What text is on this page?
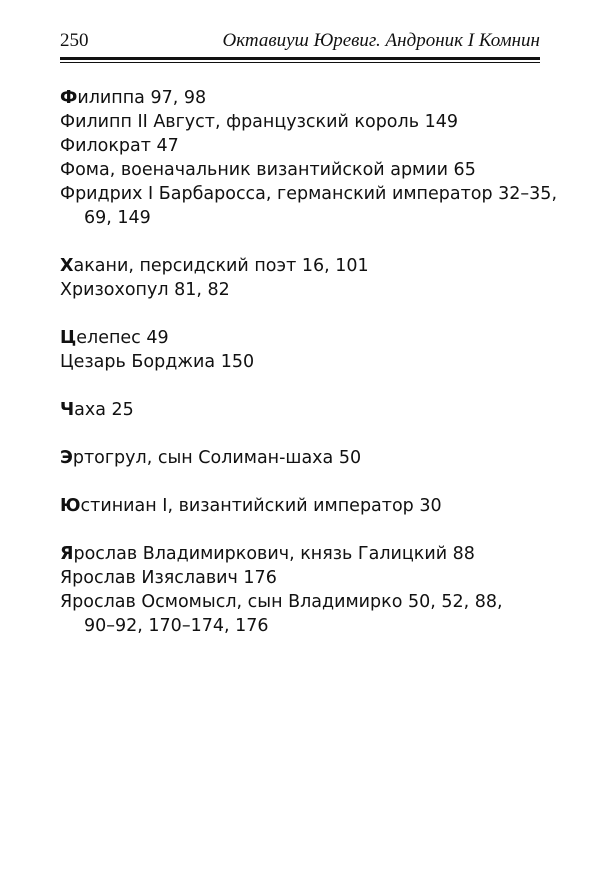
250	Октавиуш Юревиг. Андроник I Комнин
Филиппа 97, 98
Филипп II Август, французский король 149
Филократ 47
Фома, военачальник византийской армии 65
Фридрих I Барбаросса, германский император 32–35,
69, 149
Хакани, персидский поэт 16, 101
Хризохопул 81, 82
Целепес 49
Цезарь Борджиа 150
Чаха 25
Эртогрул, сын Солиман-шаха 50
Юстиниан I, византийский император 30
Ярослав Владимиркович, князь Галицкий 88
Ярослав Изяславич 176
Ярослав Осмомысл, сын Владимирко 50, 52, 88,
90–92, 170–174, 176
